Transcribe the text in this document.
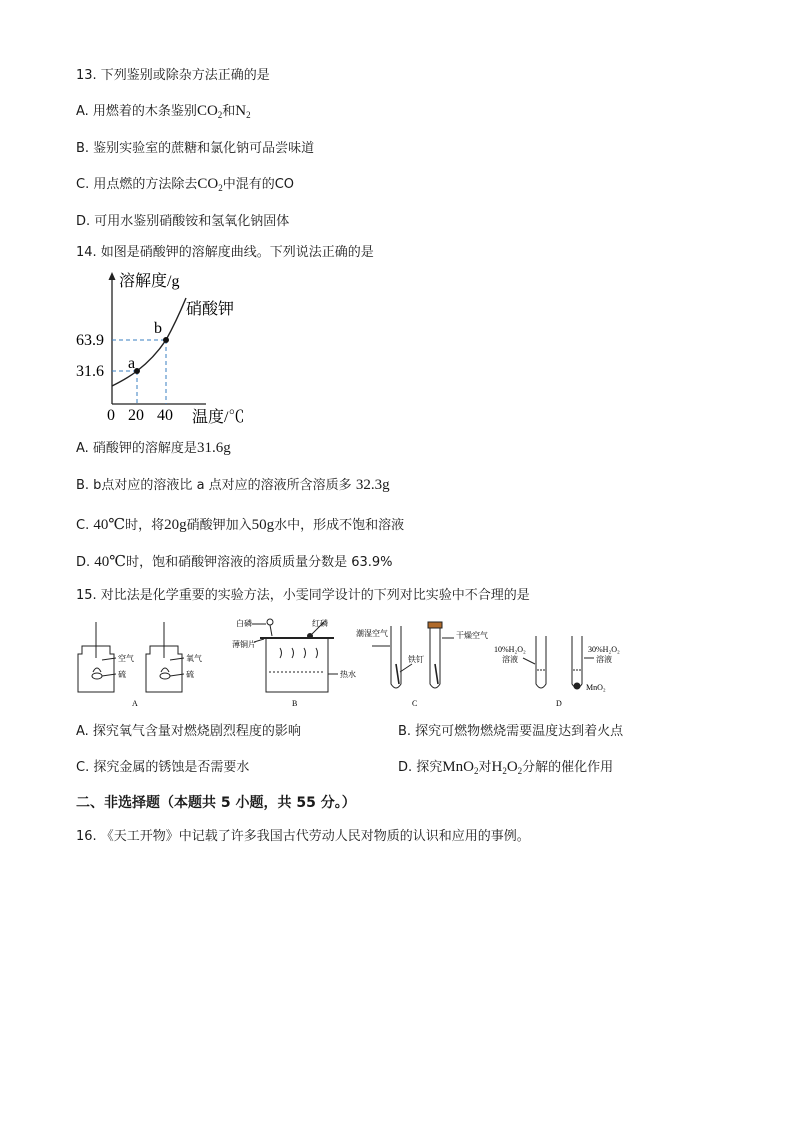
13. 下列鉴别或除杂方法正确的是
A. 用燃着的木条鉴别$CO_2$和$N_2$
B. 鉴别实验室的蔗糖和氯化钠可品尝味道
C. 用点燃的方法除去$CO_2$中混有的CO
D. 可用水鉴别硝酸铵和氢氧化钠固体
14. 如图是硝酸钾的溶解度曲线。下列说法正确的是
溶解度/g
硝酸钾
b
a
63.9
31.6
0 20 40 温度/℃
A. 硝酸钾的溶解度是31.6g
B. b点对应的溶液比 a 点对应的溶液所含溶质多 32.3g
C. 40℃时，将20g硝酸钾加入50g水中，形成不饱和溶液
D. 40℃时，饱和硝酸钾溶液的溶质质量分数是 63.9%
15. 对比法是化学重要的实验方法，小雯同学设计的下列对比实验中不合理的是
空气
硫
氧气
硫
A
白磷	红磷
薄铜片
热水
B
潮湿空气	干燥空气
铁钉
C
10%H₂O₂
溶液
30%H₂O₂
溶液
MnO₂
D
A. 探究氧气含量对燃烧剧烈程度的影响	B. 探究可燃物燃烧需要温度达到着火点
C. 探究金属的锈蚀是否需要水	D. 探究MnO$_2$对$H_2O_2$分解的催化作用
二、非选择题（本题共 5 小题，共 55 分。）
16. 《天工开物》中记载了许多我国古代劳动人民对物质的认识和应用的事例。
